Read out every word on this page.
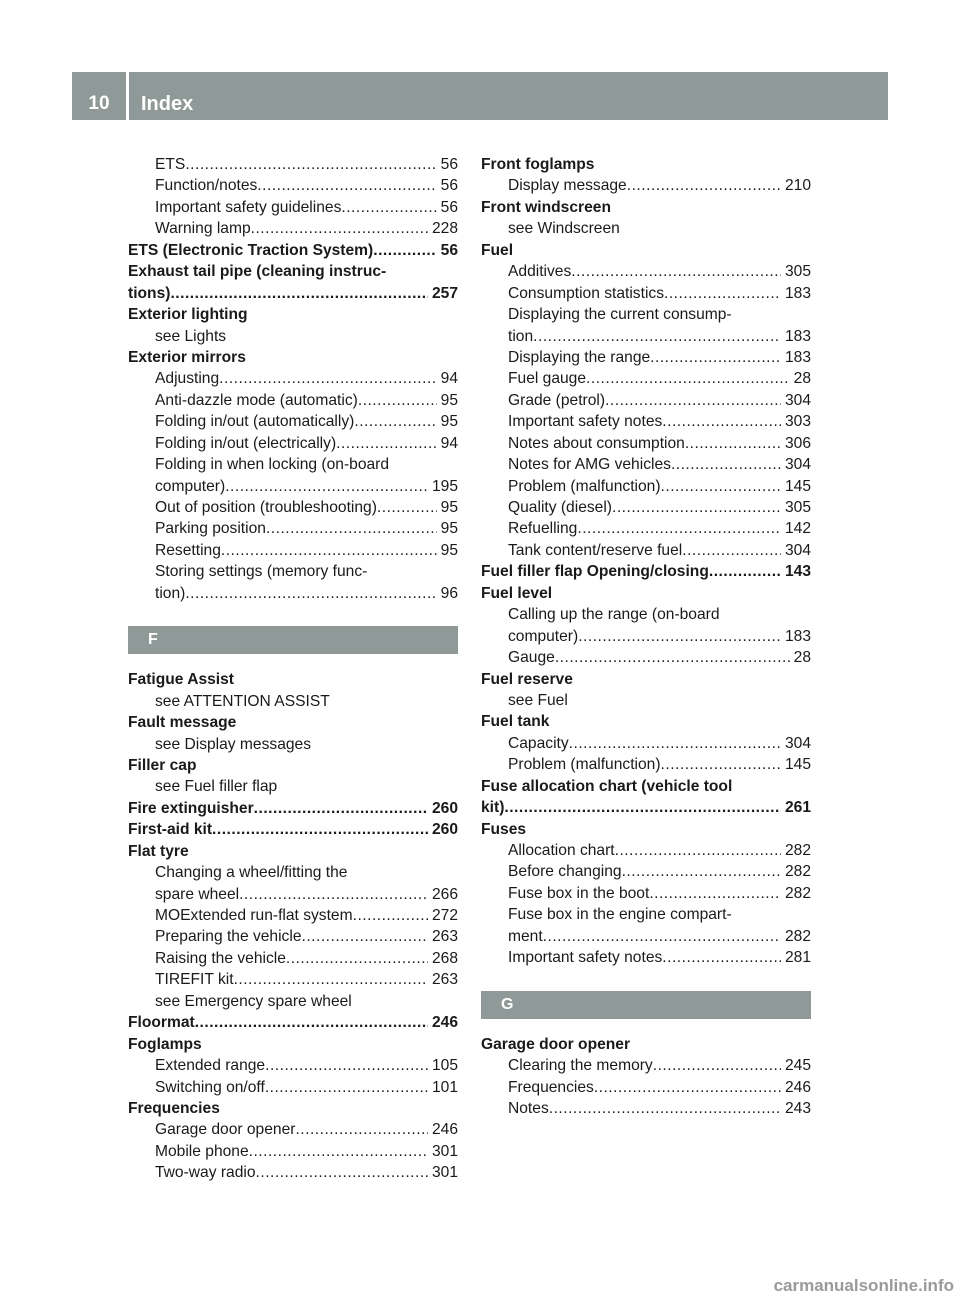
10	Index
ETS .....	56
Function/notes .....	56
Important safety guidelines .....	56
Warning lamp .....	228
ETS (Electronic Traction System) .....	56
Exhaust tail pipe (cleaning instruc-
tions) .....	257
Exterior lighting
see Lights
Exterior mirrors
Adjusting .....	94
Anti-dazzle mode (automatic) .....	95
Folding in/out (automatically) .....	95
Folding in/out (electrically) .....	94
Folding in when locking (on-board
computer) .....	195
Out of position (troubleshooting) .....	95
Parking position .....	95
Resetting .....	95
Storing settings (memory func-
tion) .....	96
F
Fatigue Assist
see ATTENTION ASSIST
Fault message
see Display messages
Filler cap
see Fuel filler flap
Fire extinguisher .....	260
First-aid kit .....	260
Flat tyre
Changing a wheel/fitting the
spare wheel .....	266
MOExtended run-flat system .....	272
Preparing the vehicle .....	263
Raising the vehicle .....	268
TIREFIT kit .....	263
see Emergency spare wheel
Floormat .....	246
Foglamps
Extended range .....	105
Switching on/off .....	101
Frequencies
Garage door opener .....	246
Mobile phone .....	301
Two-way radio .....	301
Front foglamps
Display message .....	210
Front windscreen
see Windscreen
Fuel
Additives .....	305
Consumption statistics .....	183
Displaying the current consump-
tion .....	183
Displaying the range .....	183
Fuel gauge .....	28
Grade (petrol) .....	304
Important safety notes .....	303
Notes about consumption .....	306
Notes for AMG vehicles .....	304
Problem (malfunction) .....	145
Quality (diesel) .....	305
Refuelling .....	142
Tank content/reserve fuel .....	304
Fuel filler flap Opening/closing .....	143
Fuel level
Calling up the range (on-board
computer) .....	183
Gauge .....	28
Fuel reserve
see Fuel
Fuel tank
Capacity .....	304
Problem (malfunction) .....	145
Fuse allocation chart (vehicle tool
kit) .....	261
Fuses
Allocation chart .....	282
Before changing .....	282
Fuse box in the boot .....	282
Fuse box in the engine compart-
ment .....	282
Important safety notes .....	281
G
Garage door opener
Clearing the memory .....	245
Frequencies .....	246
Notes .....	243
carmanualsonline.info
